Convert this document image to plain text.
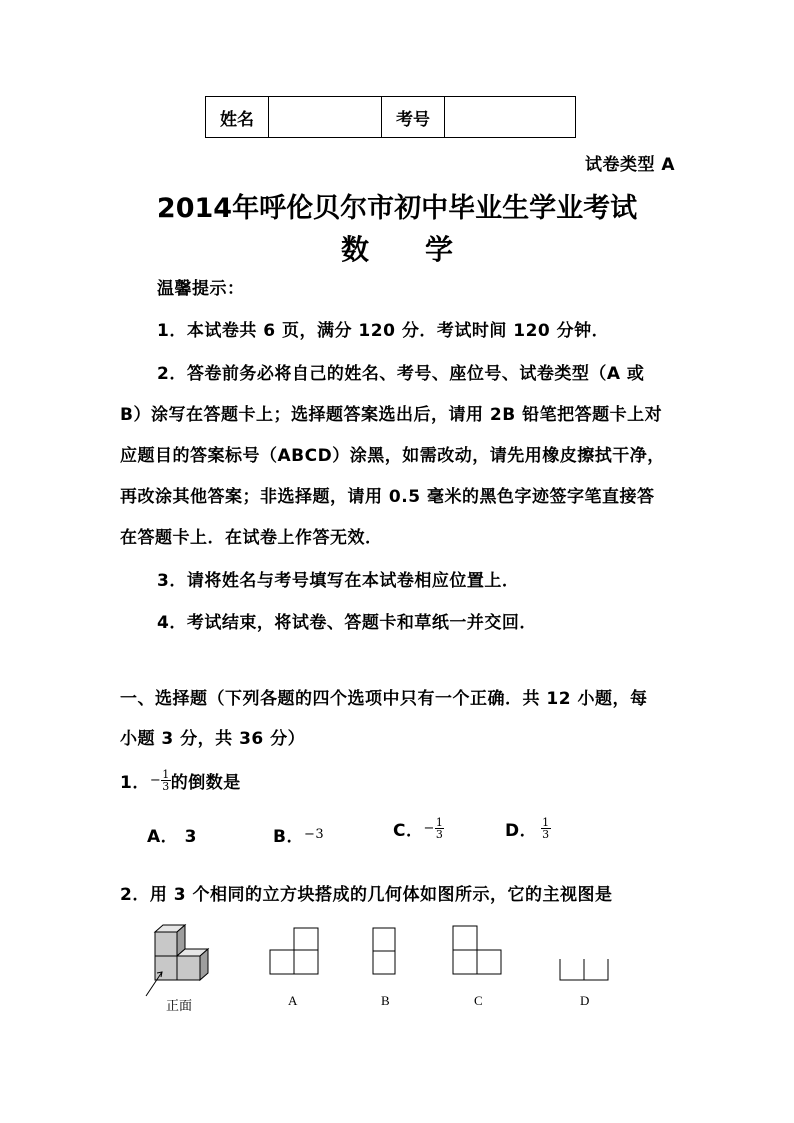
姓名		考号	
试卷类型 A
2014年呼伦贝尔市初中毕业生学业考试
数　　学
温馨提示：
1．本试卷共 6 页，满分 120 分．考试时间 120 分钟．
2．答卷前务必将自己的姓名、考号、座位号、试卷类型（A 或
B）涂写在答题卡上；选择题答案选出后，请用 2B 铅笔把答题卡上对
应题目的答案标号（ABCD）涂黑，如需改动，请先用橡皮擦拭干净，
再改涂其他答案；非选择题，请用 0.5 毫米的黑色字迹签字笔直接答
在答题卡上．在试卷上作答无效．
3．请将姓名与考号填写在本试卷相应位置上．
4．考试结束，将试卷、答题卡和草纸一并交回．
一、选择题（下列各题的四个选项中只有一个正确．共 12 小题，每
小题 3 分，共 36 分）
1． − $\frac{1}{3}$ 的倒数是
A． 3	B． −3	C． − $\frac{1}{3}$	D． $\frac{1}{3}$
2．用 3 个相同的立方块搭成的几何体如图所示，它的主视图是
正面	A	B	C	D
